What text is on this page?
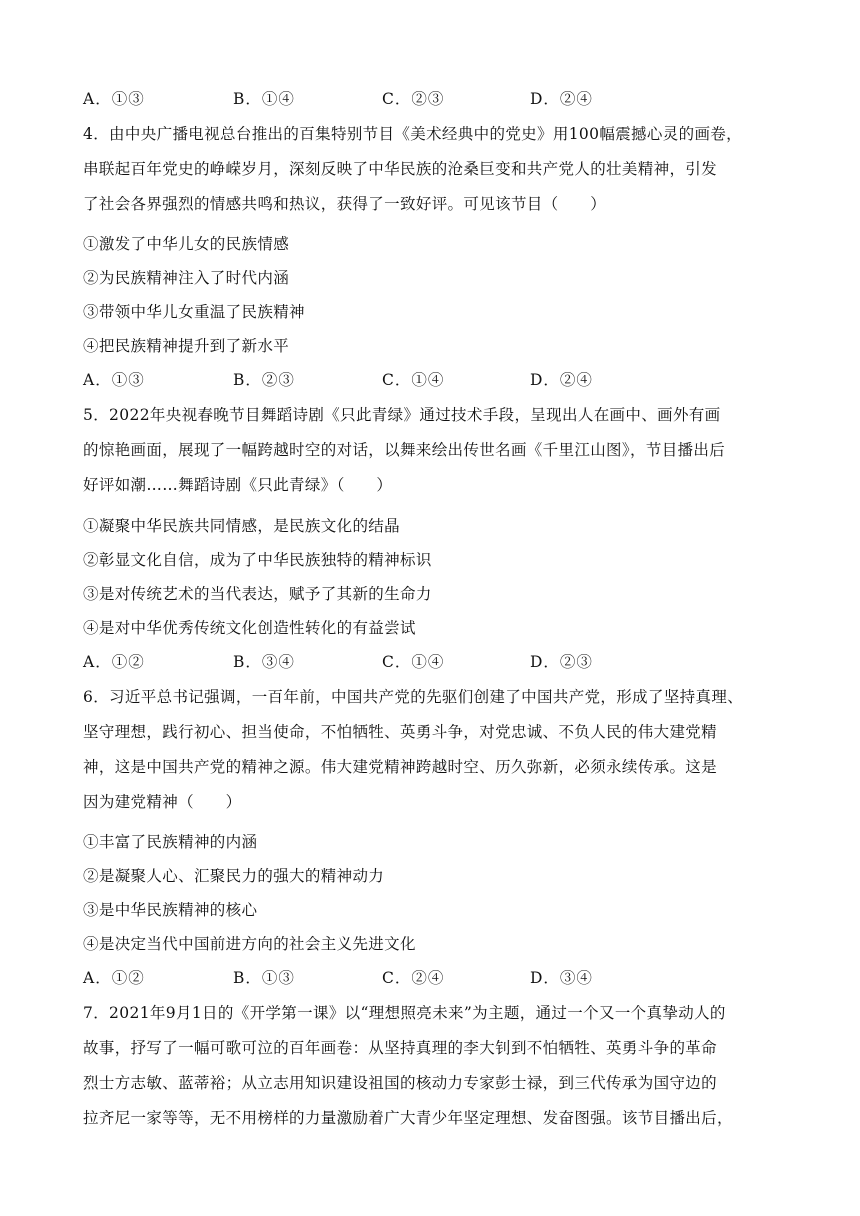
A．①③	B．①④	C．②③	D．②④
4．由中央广播电视总台推出的百集特别节目《美术经典中的党史》用100幅震撼心灵的画卷，
串联起百年党史的峥嵘岁月，深刻反映了中华民族的沧桑巨变和共产党人的壮美精神，引发
了社会各界强烈的情感共鸣和热议，获得了一致好评。可见该节目（　　）
①激发了中华儿女的民族情感
②为民族精神注入了时代内涵
③带领中华儿女重温了民族精神
④把民族精神提升到了新水平
A．①③	B．②③	C．①④	D．②④
5．2022年央视春晚节目舞蹈诗剧《只此青绿》通过技术手段，呈现出人在画中、画外有画
的惊艳画面，展现了一幅跨越时空的对话，以舞来绘出传世名画《千里江山图》，节目播出后
好评如潮……舞蹈诗剧《只此青绿》（　　）
①凝聚中华民族共同情感，是民族文化的结晶
②彰显文化自信，成为了中华民族独特的精神标识
③是对传统艺术的当代表达，赋予了其新的生命力
④是对中华优秀传统文化创造性转化的有益尝试
A．①②	B．③④	C．①④	D．②③
6．习近平总书记强调，一百年前，中国共产党的先驱们创建了中国共产党，形成了坚持真理、
坚守理想，践行初心、担当使命，不怕牺牲、英勇斗争，对党忠诚、不负人民的伟大建党精
神，这是中国共产党的精神之源。伟大建党精神跨越时空、历久弥新，必须永续传承。这是
因为建党精神（　　）
①丰富了民族精神的内涵
②是凝聚人心、汇聚民力的强大的精神动力
③是中华民族精神的核心
④是决定当代中国前进方向的社会主义先进文化
A．①②	B．①③	C．②④	D．③④
7．2021年9月1日的《开学第一课》以“理想照亮未来”为主题，通过一个又一个真挚动人的
故事，抒写了一幅可歌可泣的百年画卷：从坚持真理的李大钊到不怕牺牲、英勇斗争的革命
烈士方志敏、蓝蒂裕；从立志用知识建设祖国的核动力专家彭士禄，到三代传承为国守边的
拉齐尼一家等等，无不用榜样的力量激励着广大青少年坚定理想、发奋图强。该节目播出后，
